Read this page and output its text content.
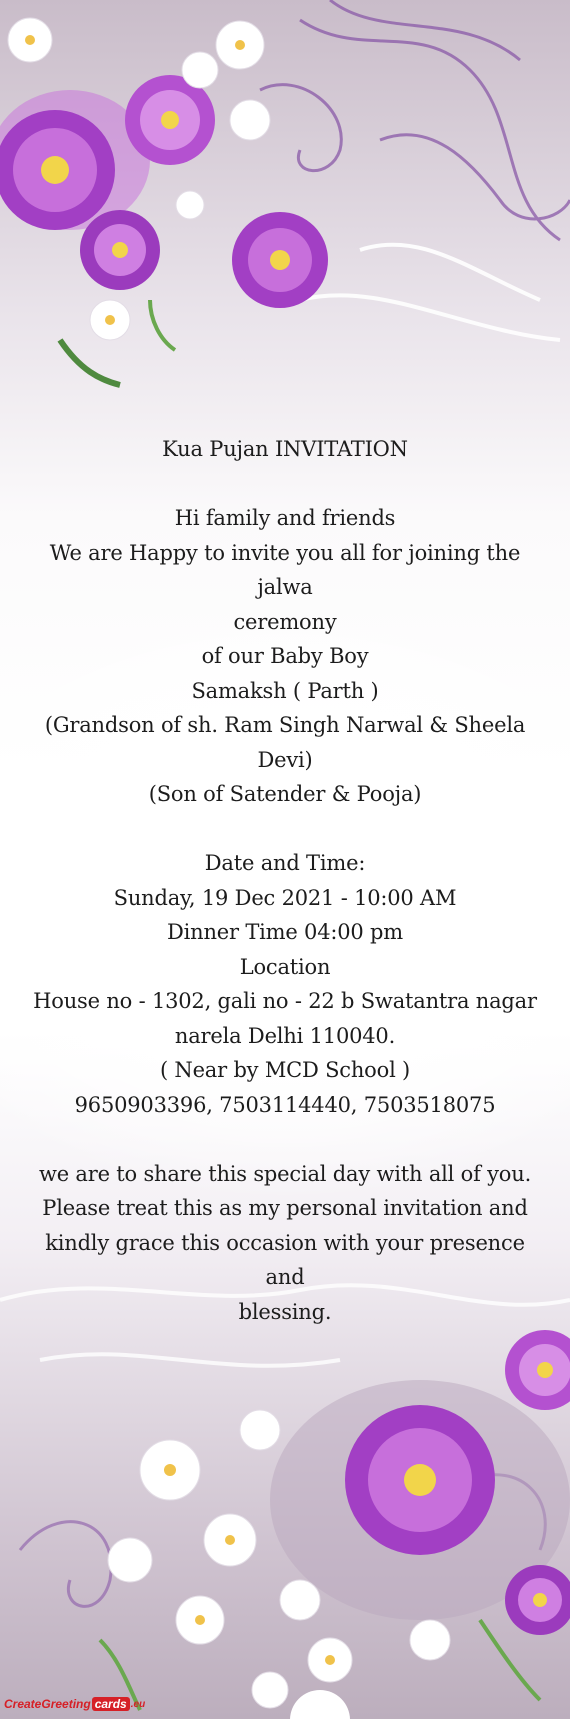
Kua Pujan INVITATION
Hi family and friends
We are Happy to invite you all for joining the jalwa
ceremony
of our Baby Boy
Samaksh ( Parth )
(Grandson of sh. Ram Singh Narwal & Sheela Devi)
(Son of Satender & Pooja)
Date and Time:
Sunday, 19 Dec 2021 - 10:00 AM
Dinner Time 04:00 pm
Location
House no - 1302, gali no - 22 b Swatantra nagar
narela Delhi 110040.
( Near by MCD School )
9650903396, 7503114440, 7503518075
we are to share this special day with all of you.
Please treat this as my personal invitation and
kindly grace this occasion with your presence and
blessing.
CreateGreeting cards .eu
